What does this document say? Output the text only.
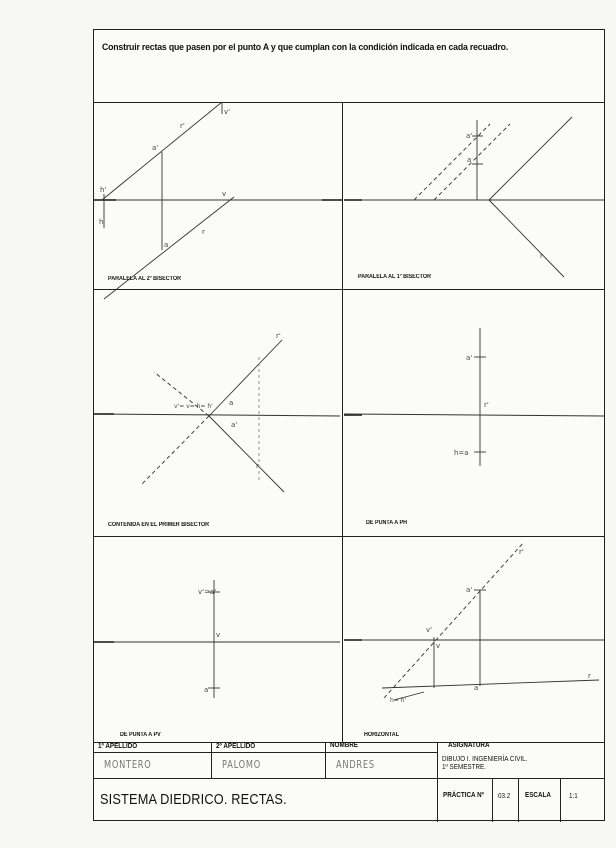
Construir rectas que pasen por el punto A y que cumplan con la condición indicada en cada recuadro.
r'
a'
h'
v'
v
a
r
h
a'
a
r
r'
v'= v= h= h' a
r
a'
a'
r'
h=a
v'=a'
v
a
r'
a'
v'
r
v
a
h= h'
PARALELA AL 2º BISECTOR	PARALELA AL 1º BISECTOR
CONTENIDA EN EL PRIMER BISECTOR	DE PUNTA A PH
DE PUNTA A PV	HORIZONTAL
1º APELLIDO
MONTERO
2º APELLIDO
PALOMO
NOMBRE
ANDRES
ASIGNATURA
DIBUJO I. INGENIERÍA CIVIL.
1º SEMESTRE.
SISTEMA DIEDRICO. RECTAS.	PRÁCTICA Nº 03.2 ESCALA	1:1
